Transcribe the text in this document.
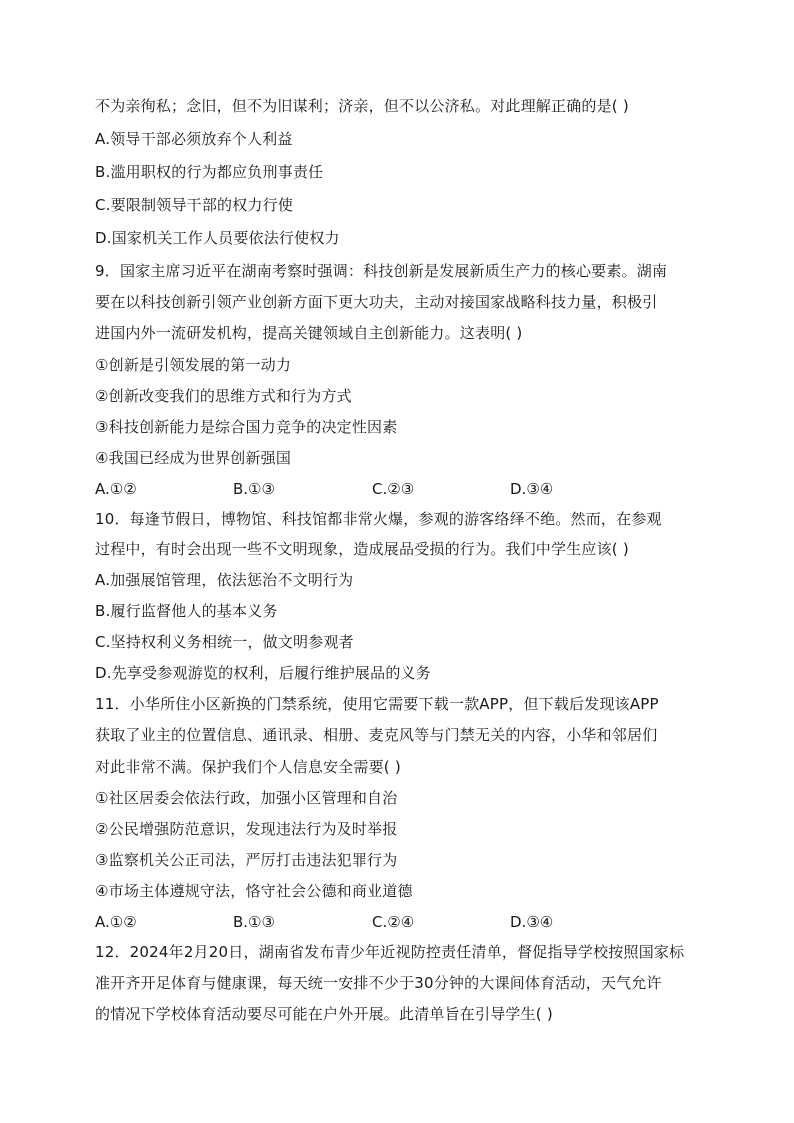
不为亲徇私；念旧，但不为旧谋利；济亲，但不以公济私。对此理解正确的是( )
A.领导干部必须放弃个人利益
B.滥用职权的行为都应负刑事责任
C.要限制领导干部的权力行使
D.国家机关工作人员要依法行使权力
9．国家主席习近平在湖南考察时强调：科技创新是发展新质生产力的核心要素。湖南
要在以科技创新引领产业创新方面下更大功夫，主动对接国家战略科技力量，积极引
进国内外一流研发机构，提高关键领域自主创新能力。这表明( )
①创新是引领发展的第一动力
②创新改变我们的思维方式和行为方式
③科技创新能力是综合国力竞争的决定性因素
④我国已经成为世界创新强国
A.①②	B.①③	C.②③	D.③④
10．每逢节假日，博物馆、科技馆都非常火爆，参观的游客络绎不绝。然而，在参观
过程中，有时会出现一些不文明现象，造成展品受损的行为。我们中学生应该( )
A.加强展馆管理，依法惩治不文明行为
B.履行监督他人的基本义务
C.坚持权利义务相统一，做文明参观者
D.先享受参观游览的权利，后履行维护展品的义务
11．小华所住小区新换的门禁系统，使用它需要下载一款APP，但下载后发现该APP
获取了业主的位置信息、通讯录、相册、麦克风等与门禁无关的内容，小华和邻居们
对此非常不满。保护我们个人信息安全需要( )
①社区居委会依法行政，加强小区管理和自治
②公民增强防范意识，发现违法行为及时举报
③监察机关公正司法，严厉打击违法犯罪行为
④市场主体遵规守法，恪守社会公德和商业道德
A.①②	B.①③	C.②④	D.③④
12．2024年2月20日，湖南省发布青少年近视防控责任清单，督促指导学校按照国家标
准开齐开足体育与健康课，每天统一安排不少于30分钟的大课间体育活动，天气允许
的情况下学校体育活动要尽可能在户外开展。此清单旨在引导学生( )
